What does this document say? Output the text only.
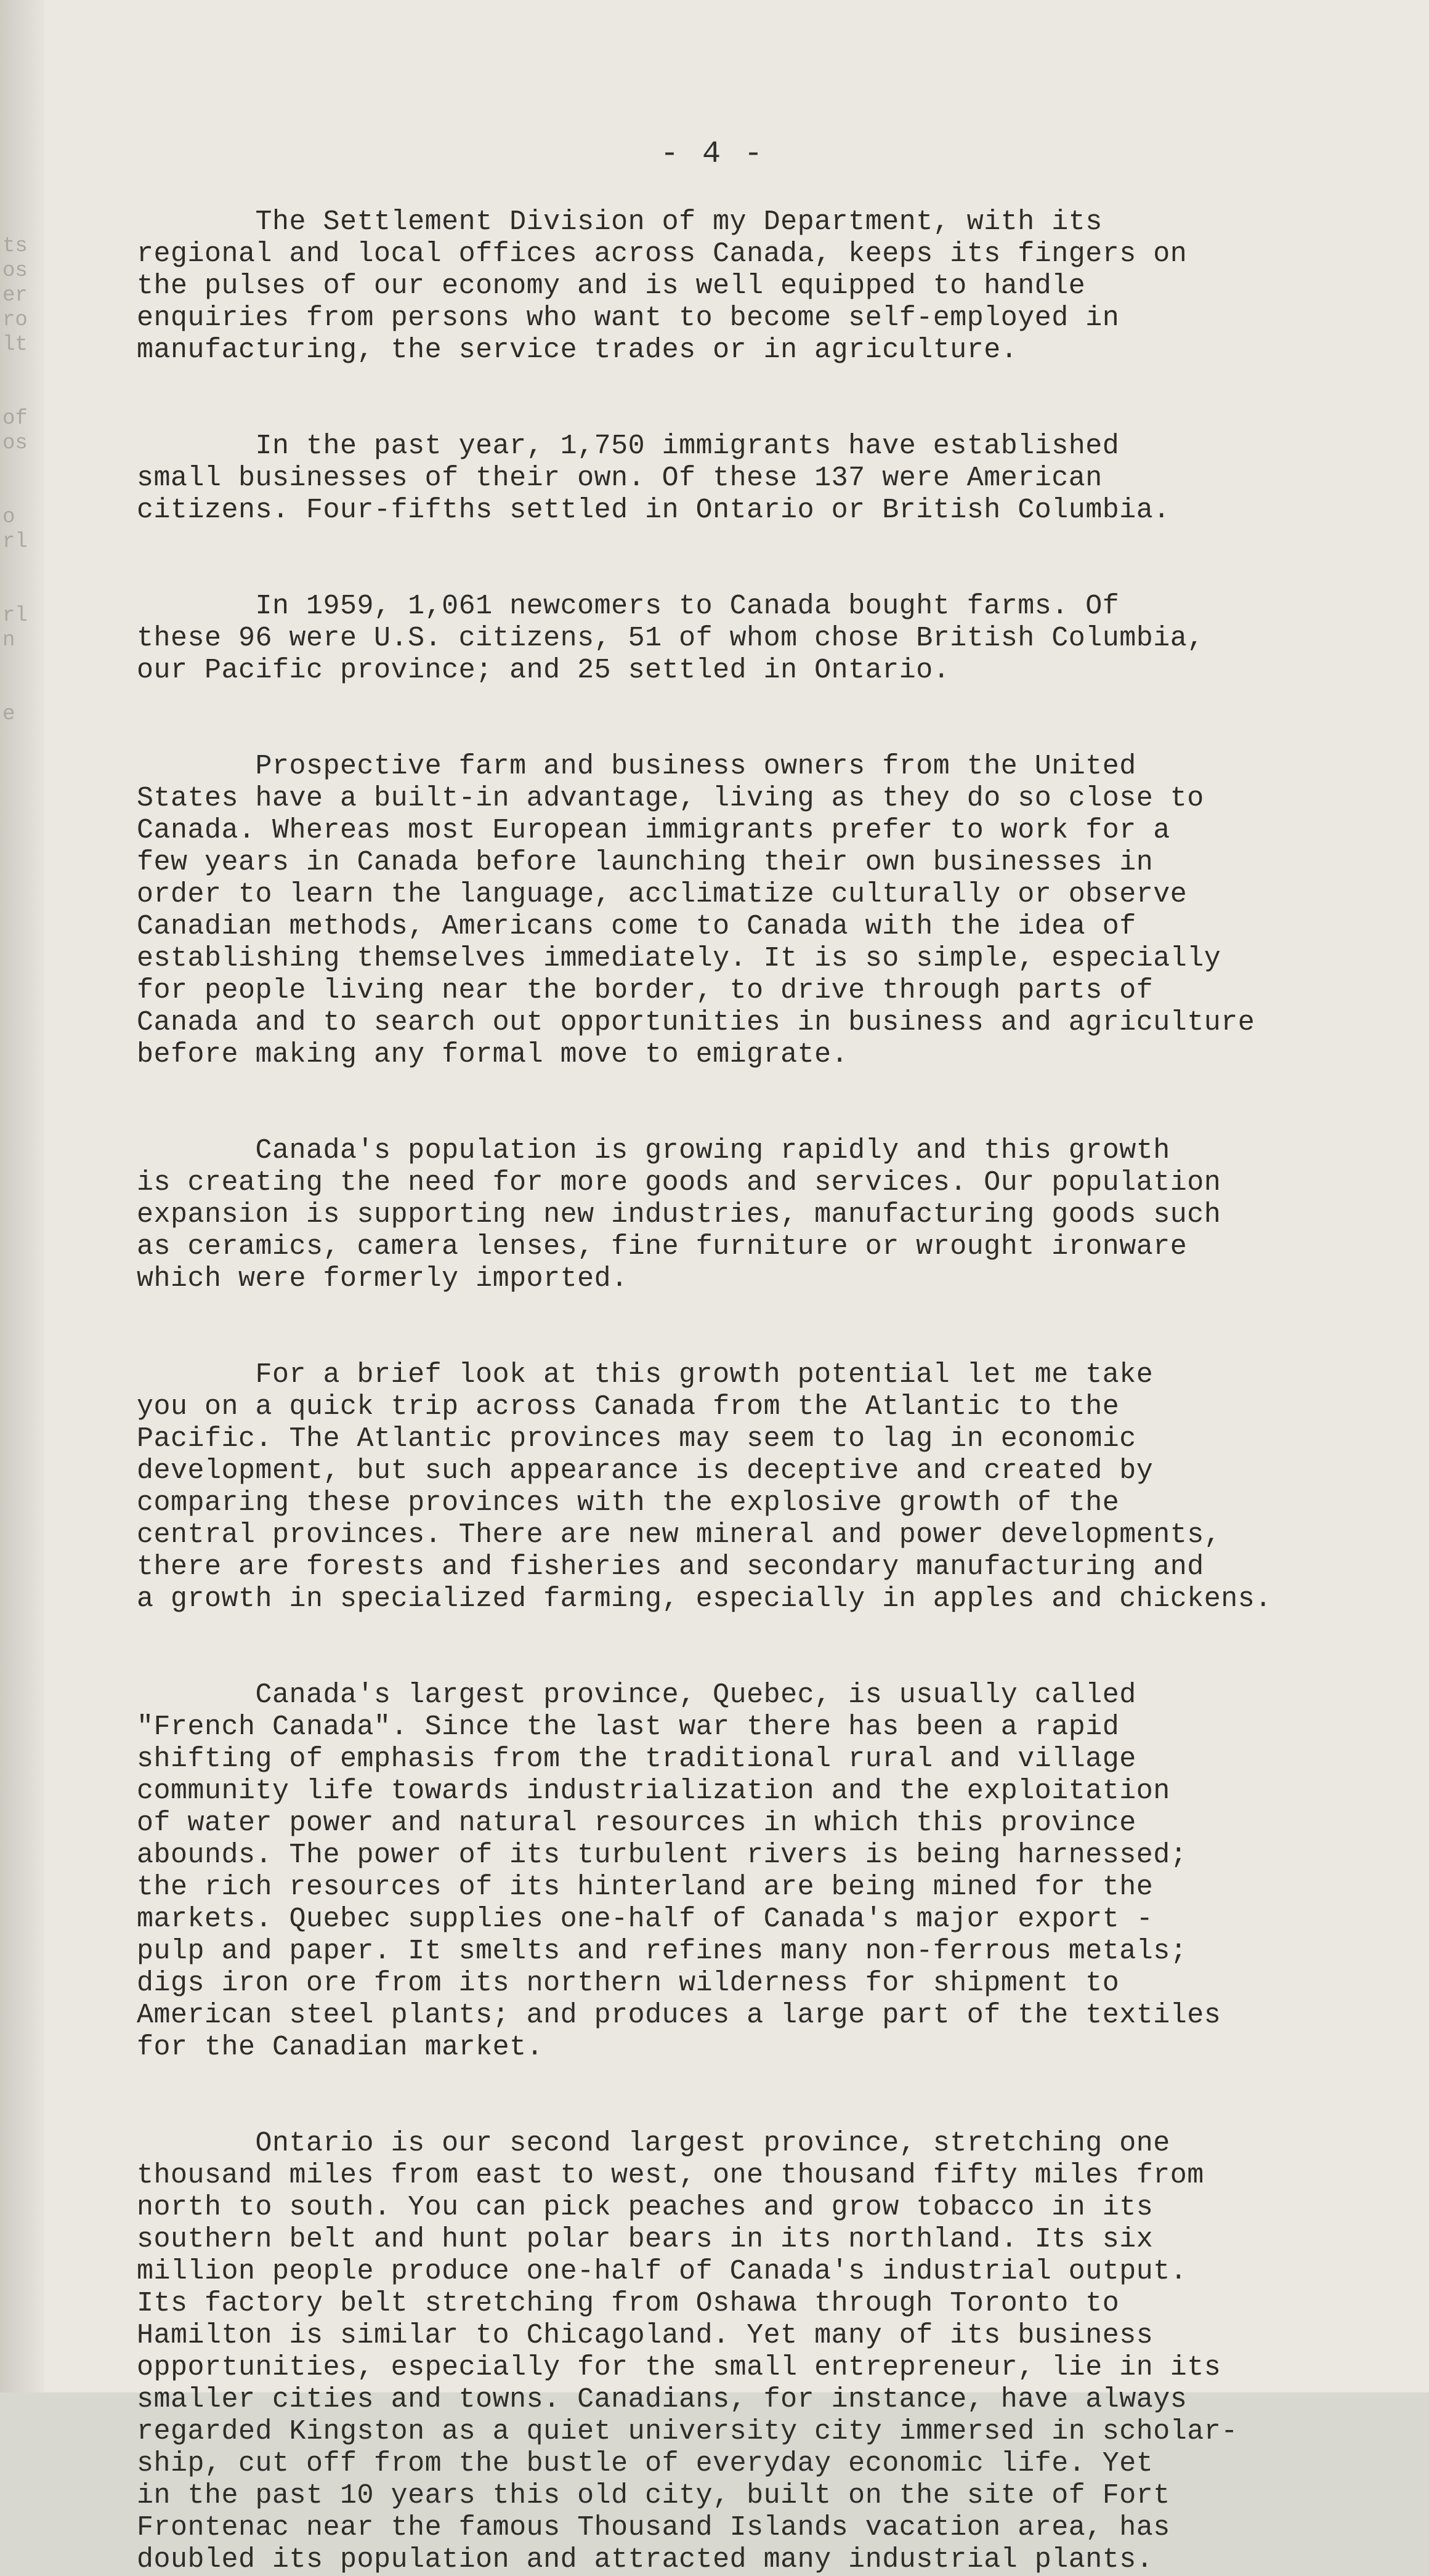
ts
os
er
ro
lt
of
os
o
rl
rl
n
e
- 4 -
The Settlement Division of my Department, with its
regional and local offices across Canada, keeps its fingers on
the pulses of our economy and is well equipped to handle
enquiries from persons who want to become self-employed in
manufacturing, the service trades or in agriculture.
In the past year, 1,750 immigrants have established
small businesses of their own. Of these 137 were American
citizens. Four-fifths settled in Ontario or British Columbia.
In 1959, 1,061 newcomers to Canada bought farms. Of
these 96 were U.S. citizens, 51 of whom chose British Columbia,
our Pacific province; and 25 settled in Ontario.
Prospective farm and business owners from the United
States have a built-in advantage, living as they do so close to
Canada. Whereas most European immigrants prefer to work for a
few years in Canada before launching their own businesses in
order to learn the language, acclimatize culturally or observe
Canadian methods, Americans come to Canada with the idea of
establishing themselves immediately. It is so simple, especially
for people living near the border, to drive through parts of
Canada and to search out opportunities in business and agriculture
before making any formal move to emigrate.
Canada's population is growing rapidly and this growth
is creating the need for more goods and services. Our population
expansion is supporting new industries, manufacturing goods such
as ceramics, camera lenses, fine furniture or wrought ironware
which were formerly imported.
For a brief look at this growth potential let me take
you on a quick trip across Canada from the Atlantic to the
Pacific. The Atlantic provinces may seem to lag in economic
development, but such appearance is deceptive and created by
comparing these provinces with the explosive growth of the
central provinces. There are new mineral and power developments,
there are forests and fisheries and secondary manufacturing and
a growth in specialized farming, especially in apples and chickens.
Canada's largest province, Quebec, is usually called
"French Canada". Since the last war there has been a rapid
shifting of emphasis from the traditional rural and village
community life towards industrialization and the exploitation
of water power and natural resources in which this province
abounds. The power of its turbulent rivers is being harnessed;
the rich resources of its hinterland are being mined for the
markets. Quebec supplies one-half of Canada's major export -
pulp and paper. It smelts and refines many non-ferrous metals;
digs iron ore from its northern wilderness for shipment to
American steel plants; and produces a large part of the textiles
for the Canadian market.
Ontario is our second largest province, stretching one
thousand miles from east to west, one thousand fifty miles from
north to south. You can pick peaches and grow tobacco in its
southern belt and hunt polar bears in its northland. Its six
million people produce one-half of Canada's industrial output.
Its factory belt stretching from Oshawa through Toronto to
Hamilton is similar to Chicagoland. Yet many of its business
opportunities, especially for the small entrepreneur, lie in its
smaller cities and towns. Canadians, for instance, have always
regarded Kingston as a quiet university city immersed in scholar-
ship, cut off from the bustle of everyday economic life. Yet
in the past 10 years this old city, built on the site of Fort
Frontenac near the famous Thousand Islands vacation area, has
doubled its population and attracted many industrial plants.
